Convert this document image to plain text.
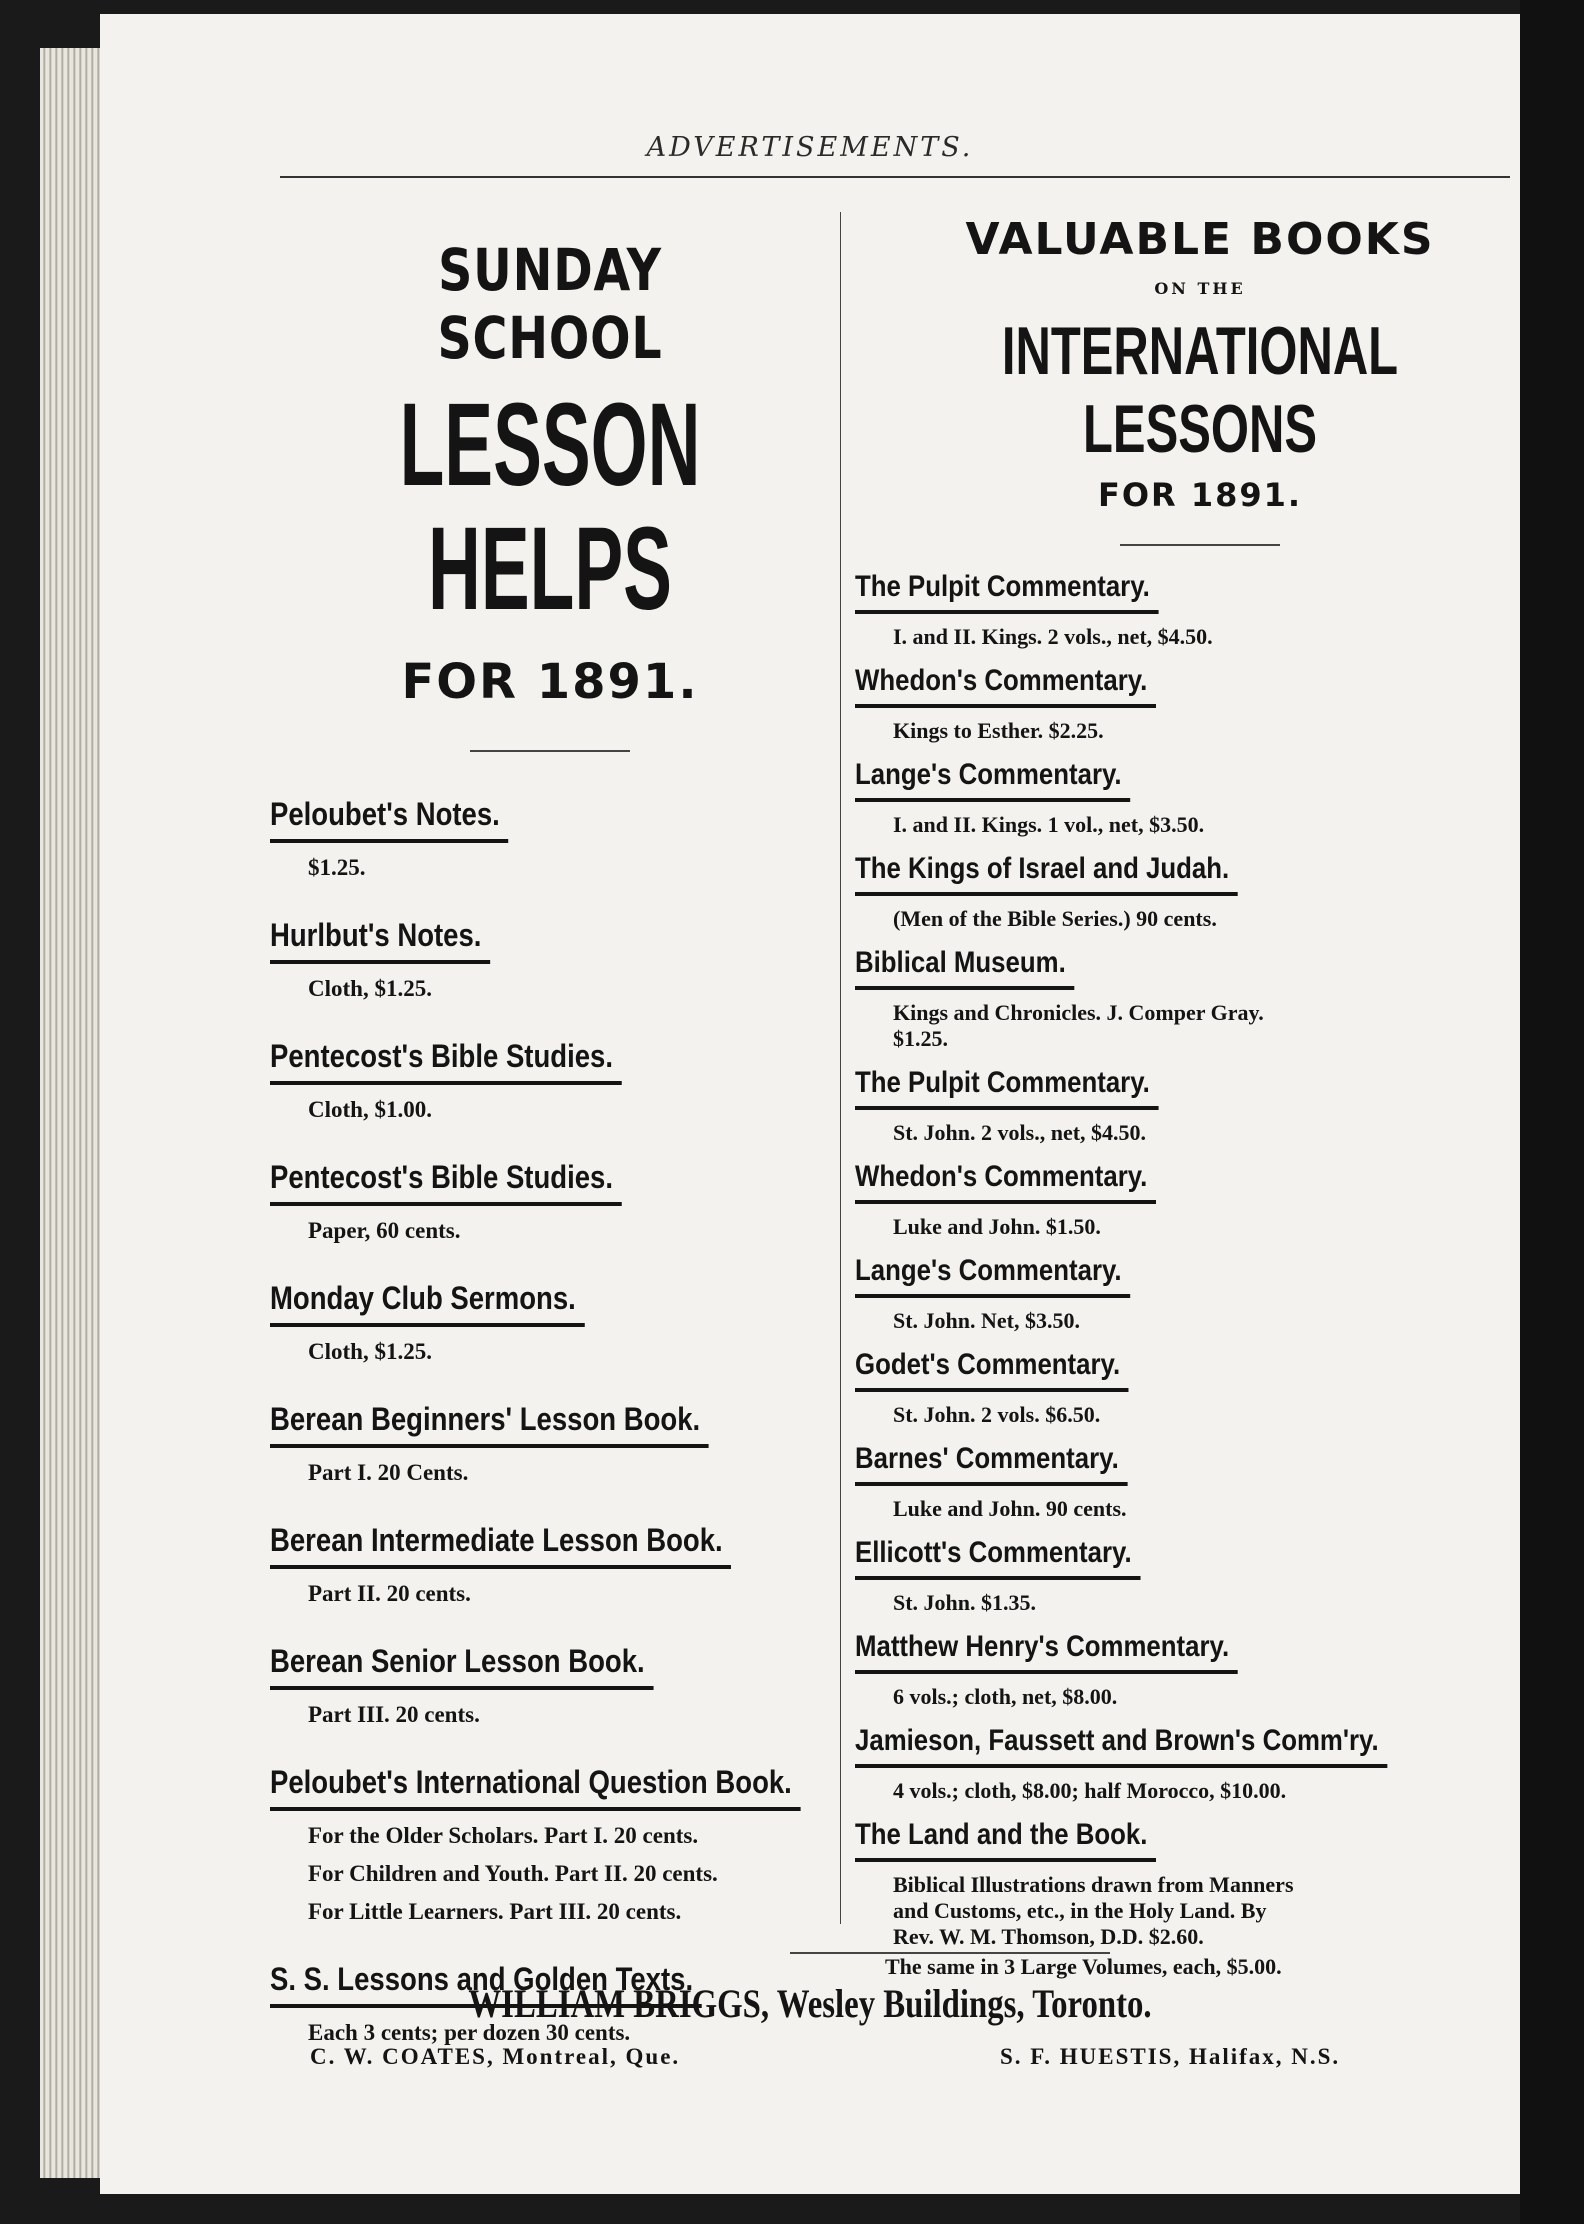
ADVERTISEMENTS.
SUNDAY SCHOOL
LESSON HELPS
FOR 1891.
Peloubet's Notes.
$1.25.
Hurlbut's Notes.
Cloth, $1.25.
Pentecost's Bible Studies.
Cloth, $1.00.
Pentecost's Bible Studies.
Paper, 60 cents.
Monday Club Sermons.
Cloth, $1.25.
Berean Beginners' Lesson Book.
Part I. 20 Cents.
Berean Intermediate Lesson Book.
Part II. 20 cents.
Berean Senior Lesson Book.
Part III. 20 cents.
Peloubet's International Question Book.
For the Older Scholars. Part I. 20 cents.
For Children and Youth. Part II. 20 cents.
For Little Learners. Part III. 20 cents.
S. S. Lessons and Golden Texts.
Each 3 cents; per dozen 30 cents.
VALUABLE BOOKS
ON THE
INTERNATIONAL LESSONS
FOR 1891.
The Pulpit Commentary.
I. and II. Kings. 2 vols., net, $4.50.
Whedon's Commentary.
Kings to Esther. $2.25.
Lange's Commentary.
I. and II. Kings. 1 vol., net, $3.50.
The Kings of Israel and Judah.
(Men of the Bible Series.) 90 cents.
Biblical Museum.
Kings and Chronicles. J. Comper Gray.
$1.25.
The Pulpit Commentary.
St. John. 2 vols., net, $4.50.
Whedon's Commentary.
Luke and John. $1.50.
Lange's Commentary.
St. John. Net, $3.50.
Godet's Commentary.
St. John. 2 vols. $6.50.
Barnes' Commentary.
Luke and John. 90 cents.
Ellicott's Commentary.
St. John. $1.35.
Matthew Henry's Commentary.
6 vols.; cloth, net, $8.00.
Jamieson, Faussett and Brown's Comm'ry.
4 vols.; cloth, $8.00; half Morocco, $10.00.
The Land and the Book.
Biblical Illustrations drawn from Manners
and Customs, etc., in the Holy Land. By
Rev. W. M. Thomson, D.D. $2.60.
The same in 3 Large Volumes, each, $5.00.
WILLIAM BRIGGS, Wesley Buildings, Toronto.
C. W. COATES, Montreal, Que.	S. F. HUESTIS, Halifax, N.S.
